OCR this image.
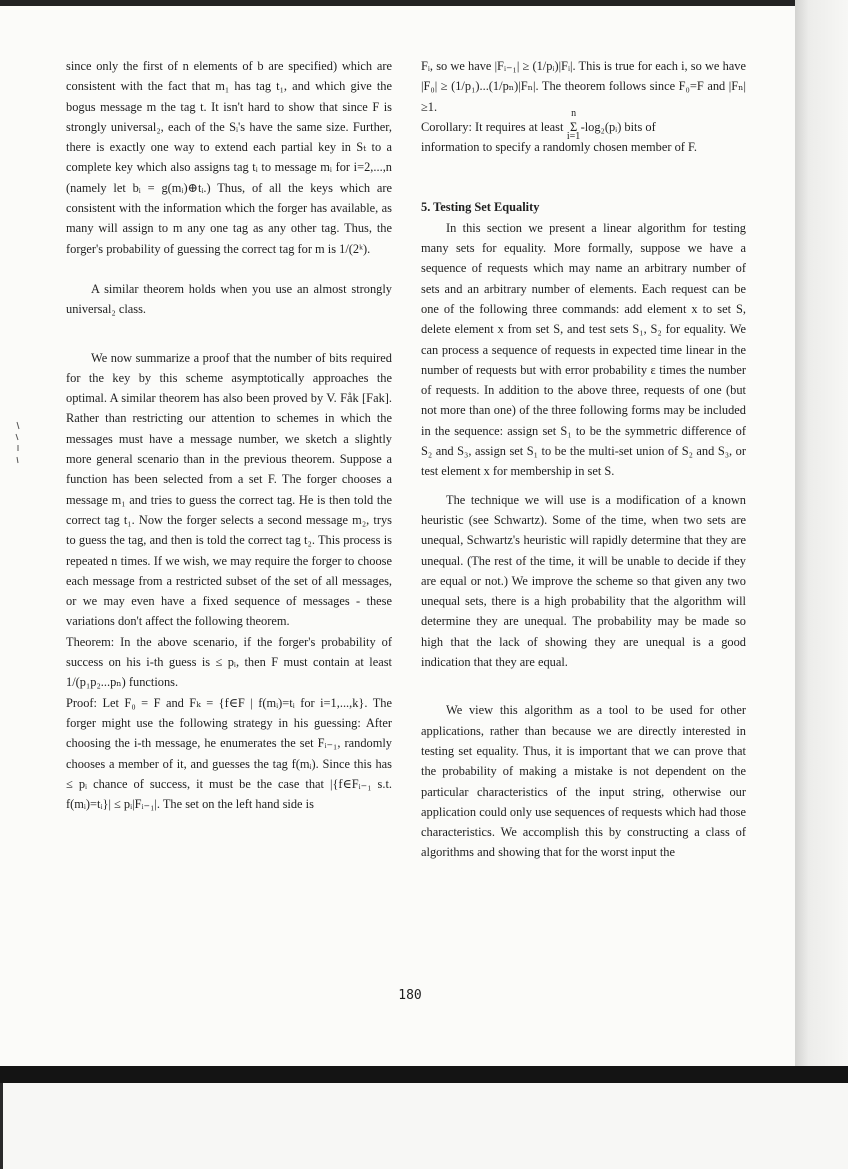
since only the first of n elements of b are specified) which are consistent with the fact that m₁ has tag t₁, and which give the bogus message m the tag t. It isn't hard to show that since F is strongly universal₂, each of the Sᵢ's have the same size. Further, there is exactly one way to extend each partial key in Sₜ to a complete key which also assigns tag tᵢ to message mᵢ for i=2,...,n (namely let bᵢ = g(mᵢ)⊕tᵢ.) Thus, of all the keys which are consistent with the information which the forger has available, as many will assign to m any one tag as any other tag. Thus, the forger's probability of guessing the correct tag for m is 1/(2ᵏ).

A similar theorem holds when you use an almost strongly universal₂ class.

We now summarize a proof that the number of bits required for the key by this scheme asymptotically approaches the optimal. A similar theorem has also been proved by V. Fåk [Fak]. Rather than restricting our attention to schemes in which the messages must have a message number, we sketch a slightly more general scenario than in the previous theorem. Suppose a function has been selected from a set F. The forger chooses a message m₁ and tries to guess the correct tag. He is then told the correct tag t₁. Now the forger selects a second message m₂, trys to guess the tag, and then is told the correct tag t₂. This process is repeated n times. If we wish, we may require the forger to choose each message from a restricted subset of the set of all messages, or we may even have a fixed sequence of messages - these variations don't affect the following theorem.

Theorem: In the above scenario, if the forger's probability of success on his i-th guess is ≤ pᵢ, then F must contain at least 1/(p₁p₂...pₙ) functions.

Proof: Let F₀ = F and Fₖ = {f∈F | f(mᵢ)=tᵢ for i=1,...,k}. The forger might use the following strategy in his guessing: After choosing the i-th message, he enumerates the set Fᵢ₋₁, randomly chooses a member of it, and guesses the tag f(mᵢ). Since this has ≤ pᵢ chance of success, it must be the case that |{f∈Fᵢ₋₁ s.t. f(mᵢ)=tᵢ}| ≤ pᵢ|Fᵢ₋₁|. The set on the left hand side is

Fᵢ, so we have |Fᵢ₋₁| ≥ (1/pᵢ)|Fᵢ|. This is true for each i, so we have |F₀| ≥ (1/p₁)...(1/pₙ)|Fₙ|. The theorem follows since F₀=F and |Fₙ|≥1.

Corollary: It requires at least
n
Σ
i=1
-log₂(pᵢ) bits of

information to specify a randomly chosen member of F.

5. Testing Set Equality

In this section we present a linear algorithm for testing many sets for equality. More formally, suppose we have a sequence of requests which may name an arbitrary number of sets and an arbitrary number of elements. Each request can be one of the following three commands: add element x to set S, delete element x from set S, and test sets S₁, S₂ for equality. We can process a sequence of requests in expected time linear in the number of requests but with error probability ε times the number of requests. In addition to the above three, requests of one (but not more than one) of the three following forms may be included in the sequence: assign set S₁ to be the symmetric difference of S₂ and S₃, assign set S₁ to be the multi-set union of S₂ and S₃, or test element x for membership in set S.

The technique we will use is a modification of a known heuristic (see Schwartz). Some of the time, when two sets are unequal, Schwartz's heuristic will rapidly determine that they are unequal. (The rest of the time, it will be unable to decide if they are equal or not.) We improve the scheme so that given any two unequal sets, there is a high probability that the algorithm will determine they are unequal. The probability may be made so high that the lack of showing they are unequal is a good indication that they are equal.

We view this algorithm as a tool to be used for other applications, rather than because we are directly interested in testing set equality. Thus, it is important that we can prove that the probability of making a mistake is not dependent on the particular characteristics of the input string, otherwise our application could only use sequences of requests which had those characteristics. We accomplish this by constructing a class of algorithms and showing that for the worst input the

180
